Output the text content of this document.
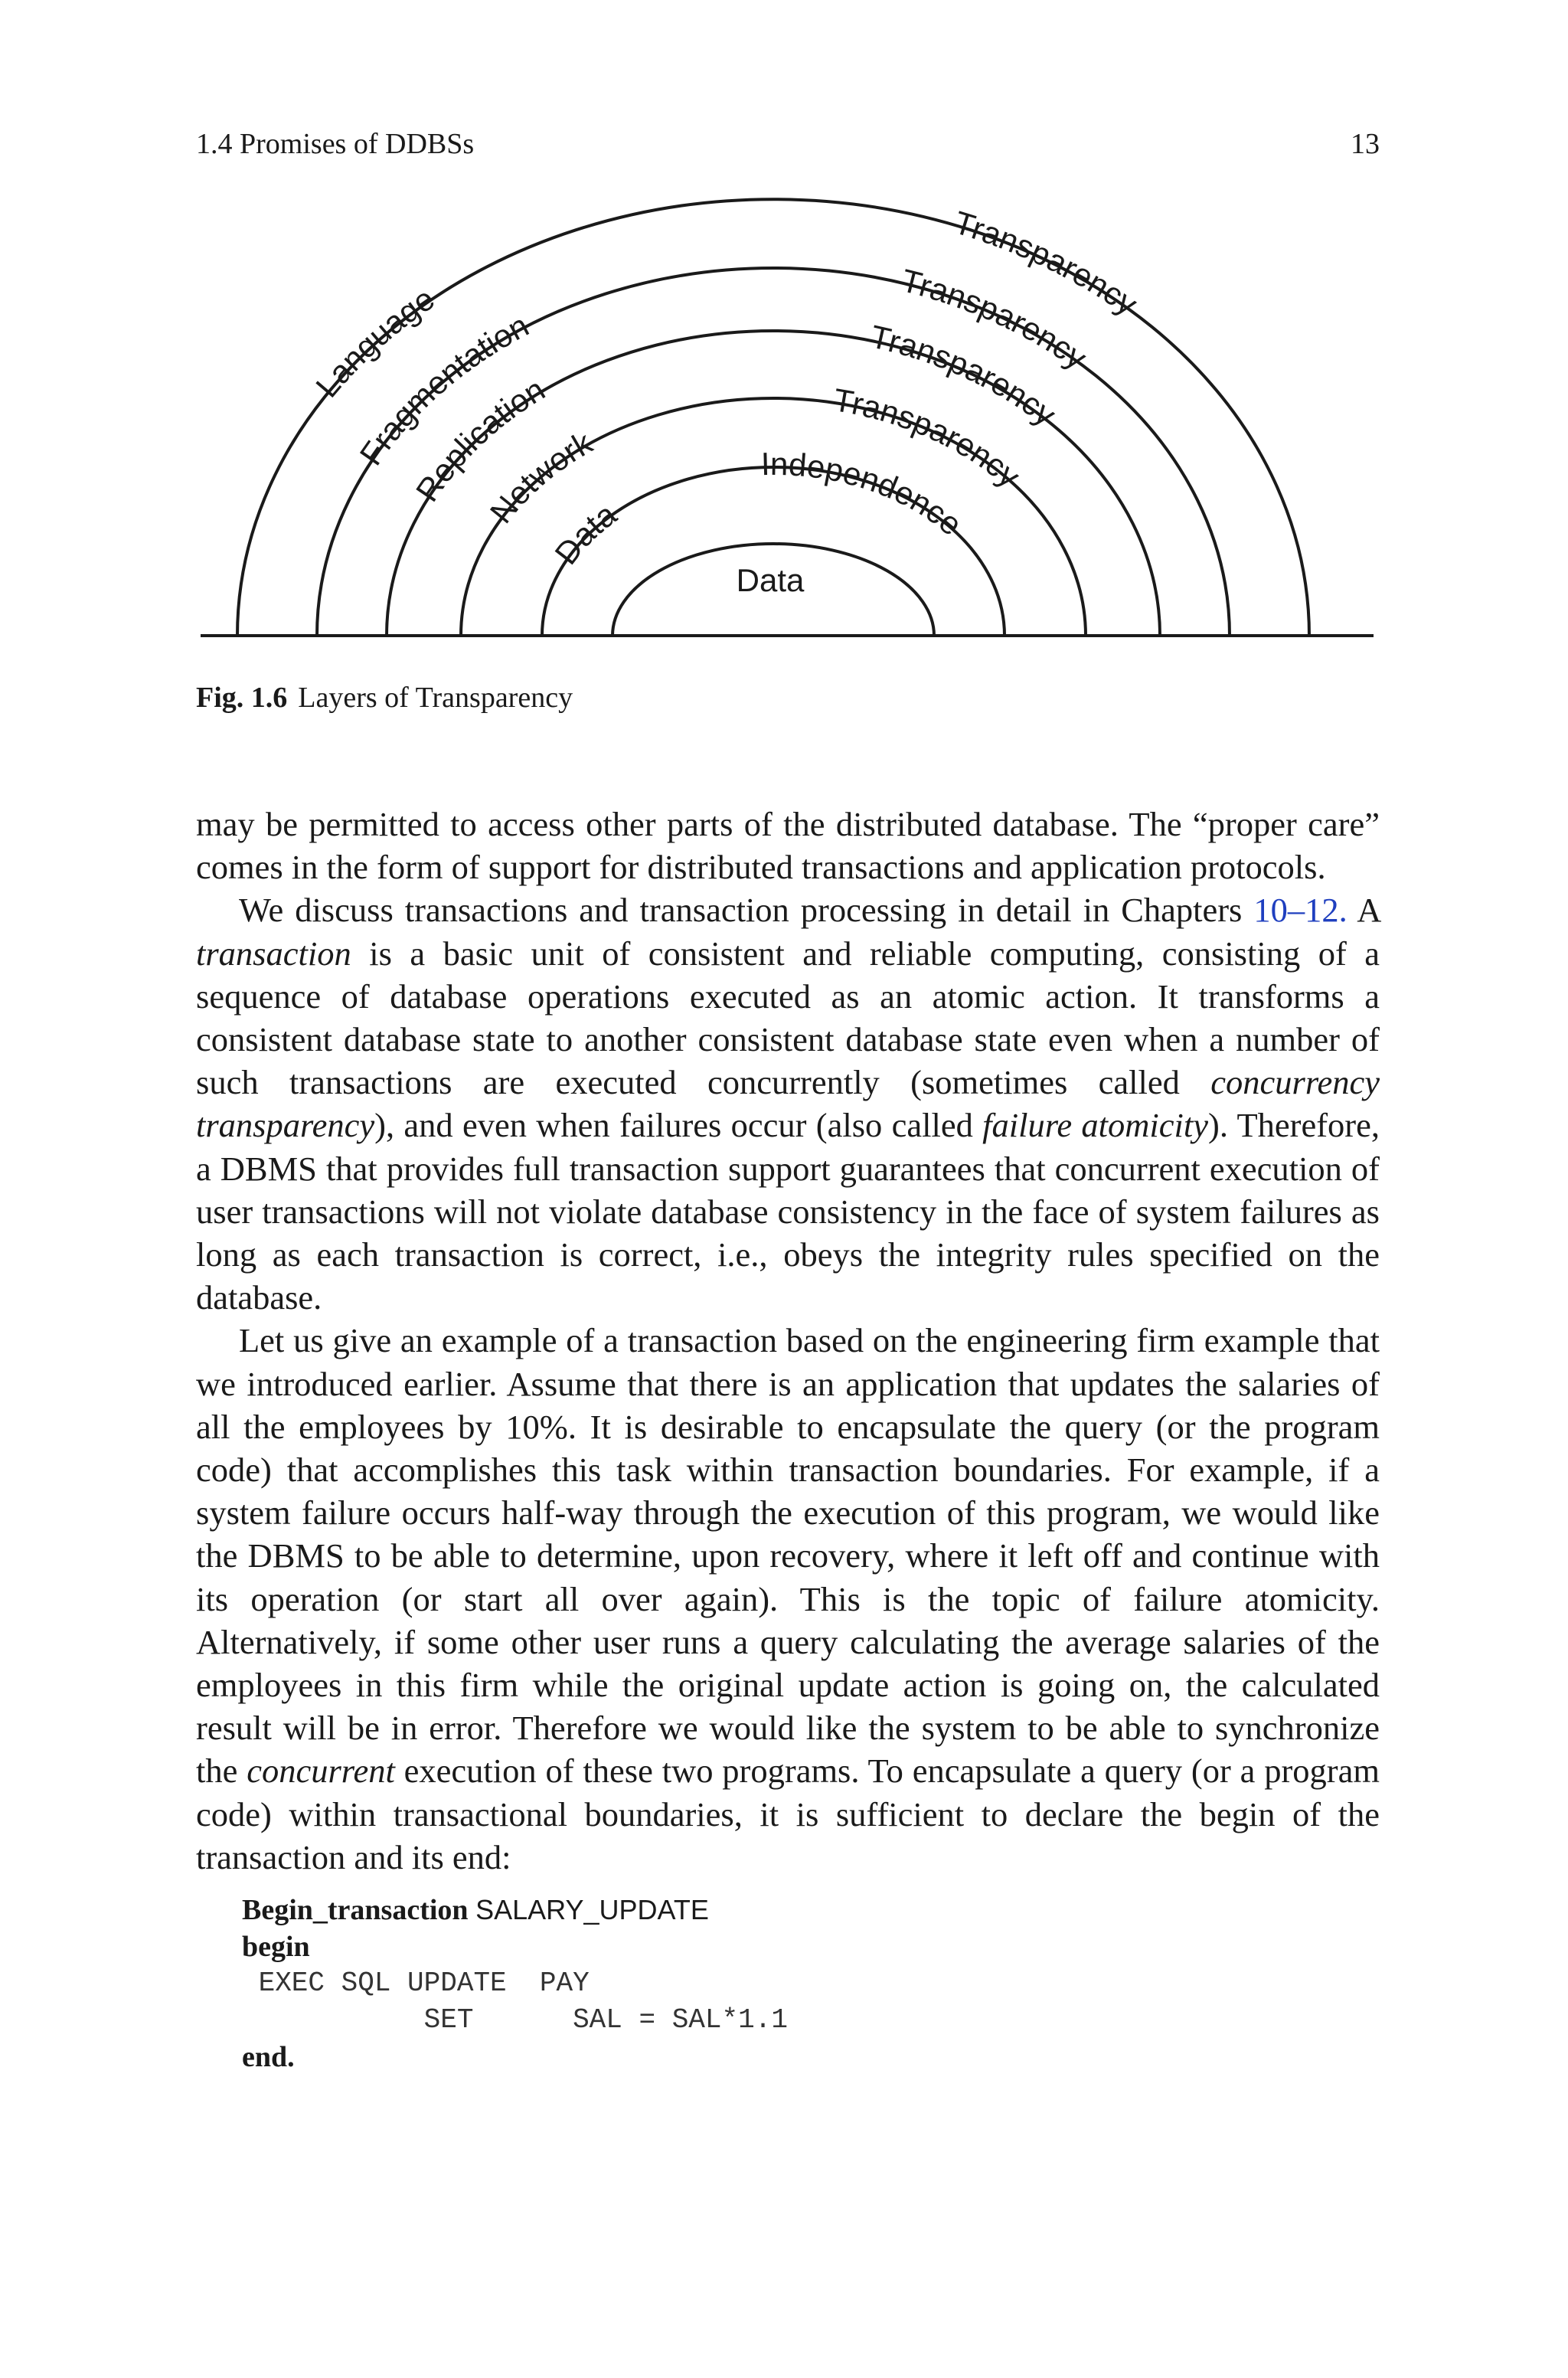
1.4 Promises of DDBSs	13
Language
Transparency
Fragmentation
Transparency
Replication
Transparency
Network
Transparency
Data
Independence
Data
Fig. 1.6 Layers of Transparency

may be permitted to access other parts of the distributed database. The “proper care” comes in the form of support for distributed transactions and application protocols.

We discuss transactions and transaction processing in detail in Chapters 10–12. A transaction is a basic unit of consistent and reliable computing, consisting of a sequence of database operations executed as an atomic action. It transforms a consistent database state to another consistent database state even when a number of such transactions are executed concurrently (sometimes called concurrency transparency), and even when failures occur (also called failure atomicity). Therefore, a DBMS that provides full transaction support guarantees that concurrent execution of user transactions will not violate database consistency in the face of system failures as long as each transaction is correct, i.e., obeys the integrity rules specified on the database.

Let us give an example of a transaction based on the engineering firm example that we introduced earlier. Assume that there is an application that updates the salaries of all the employees by 10%. It is desirable to encapsulate the query (or the program code) that accomplishes this task within transaction boundaries. For example, if a system failure occurs half-way through the execution of this program, we would like the DBMS to be able to determine, upon recovery, where it left off and continue with its operation (or start all over again). This is the topic of failure atomicity. Alternatively, if some other user runs a query calculating the average salaries of the employees in this firm while the original update action is going on, the calculated result will be in error. Therefore we would like the system to be able to synchronize the concurrent execution of these two programs. To encapsulate a query (or a program code) within transactional boundaries, it is sufficient to declare the begin of the transaction and its end:

Begin_transaction SALARY_UPDATE
begin
EXEC SQL UPDATE  PAY
SET      SAL = SAL*1.1
end.
